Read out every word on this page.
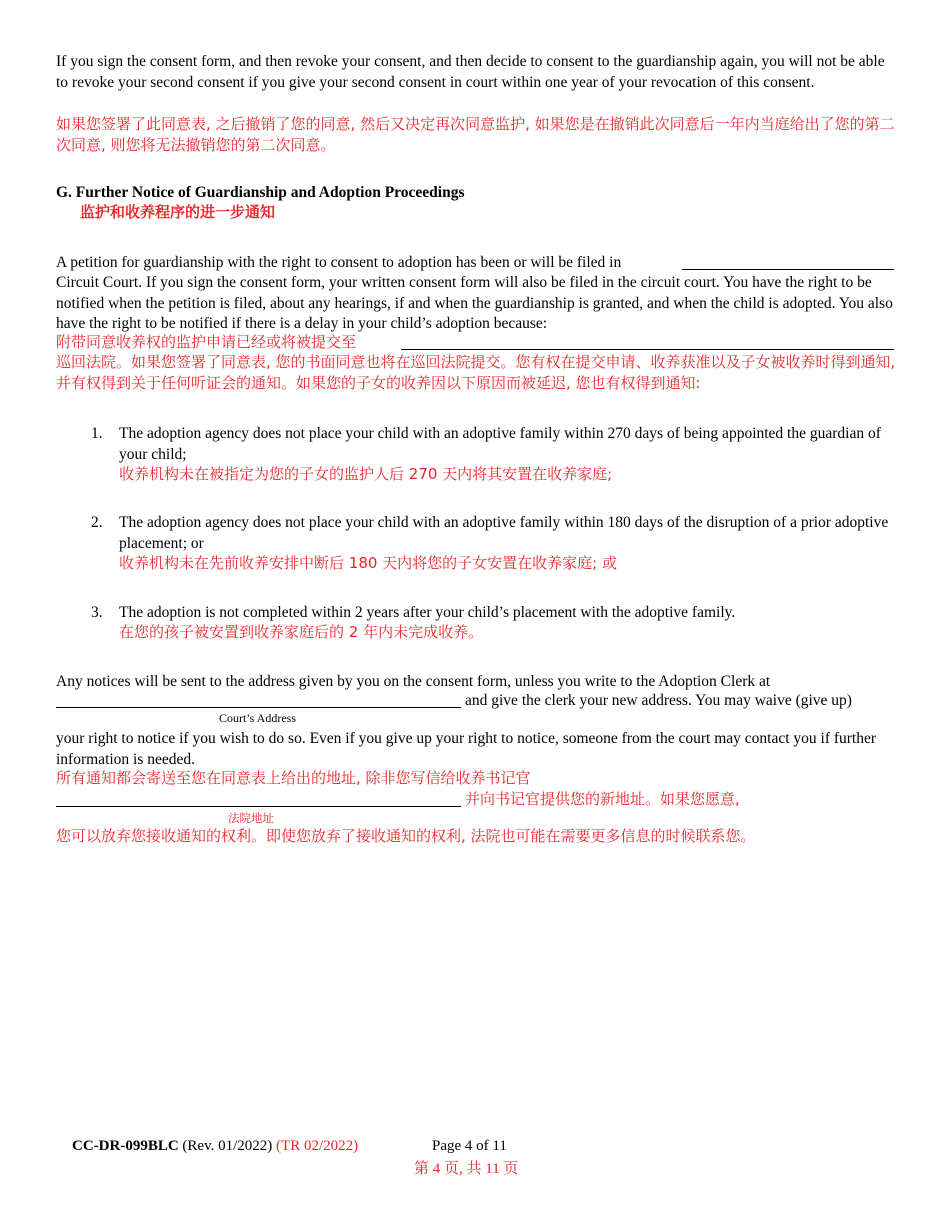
If you sign the consent form, and then revoke your consent, and then decide to consent to the guardianship again, you will not be able to revoke your second consent if you give your second consent in court within one year of your revocation of this consent.
如果您签署了此同意表, 之后撤销了您的同意, 然后又决定再次同意监护, 如果您是在撤销此次同意后一年内当庭给出了您的第二次同意, 则您将无法撤销您的第二次同意。
G. Further Notice of Guardianship and Adoption Proceedings
监护和收养程序的进一步通知
A petition for guardianship with the right to consent to adoption has been or will be filed in
Circuit Court. If you sign the consent form, your written consent form will also be filed in the circuit court. You have the right to be notified when the petition is filed, about any hearings, if and when the guardianship is granted, and when the child is adopted. You also have the right to be notified if there is a delay in your child’s adoption because:
附带同意收养权的监护申请已经或将被提交至
巡回法院。如果您签署了同意表, 您的书面同意也将在巡回法院提交。您有权在提交申请、收养获准以及子女被收养时得到通知, 并有权得到关于任何听证会的通知。如果您的子女的收养因以下原因而被延迟, 您也有权得到通知:
1. The adoption agency does not place your child with an adoptive family within 270 days of being appointed the guardian of your child;
收养机构未在被指定为您的子女的监护人后 270 天内将其安置在收养家庭;
2. The adoption agency does not place your child with an adoptive family within 180 days of the disruption of a prior adoptive placement; or
收养机构未在先前收养安排中断后 180 天内将您的子女安置在收养家庭; 或
3. The adoption is not completed within 2 years after your child’s placement with the adoptive family.
在您的孩子被安置到收养家庭后的 2 年内未完成收养。
Any notices will be sent to the address given by you on the consent form, unless you write to the Adoption Clerk at
and give the clerk your new address. You may waive (give up)
Court’s Address
your right to notice if you wish to do so. Even if you give up your right to notice, someone from the court may contact you if further information is needed.
所有通知都会寄送至您在同意表上给出的地址, 除非您写信给收养书记官
并向书记官提供您的新地址。如果您愿意,
法院地址
您可以放弃您接收通知的权利。即使您放弃了接收通知的权利, 法院也可能在需要更多信息的时候联系您。
CC-DR-099BLC (Rev. 01/2022) (TR 02/2022)	Page 4 of 11
第 4 页, 共 11 页
